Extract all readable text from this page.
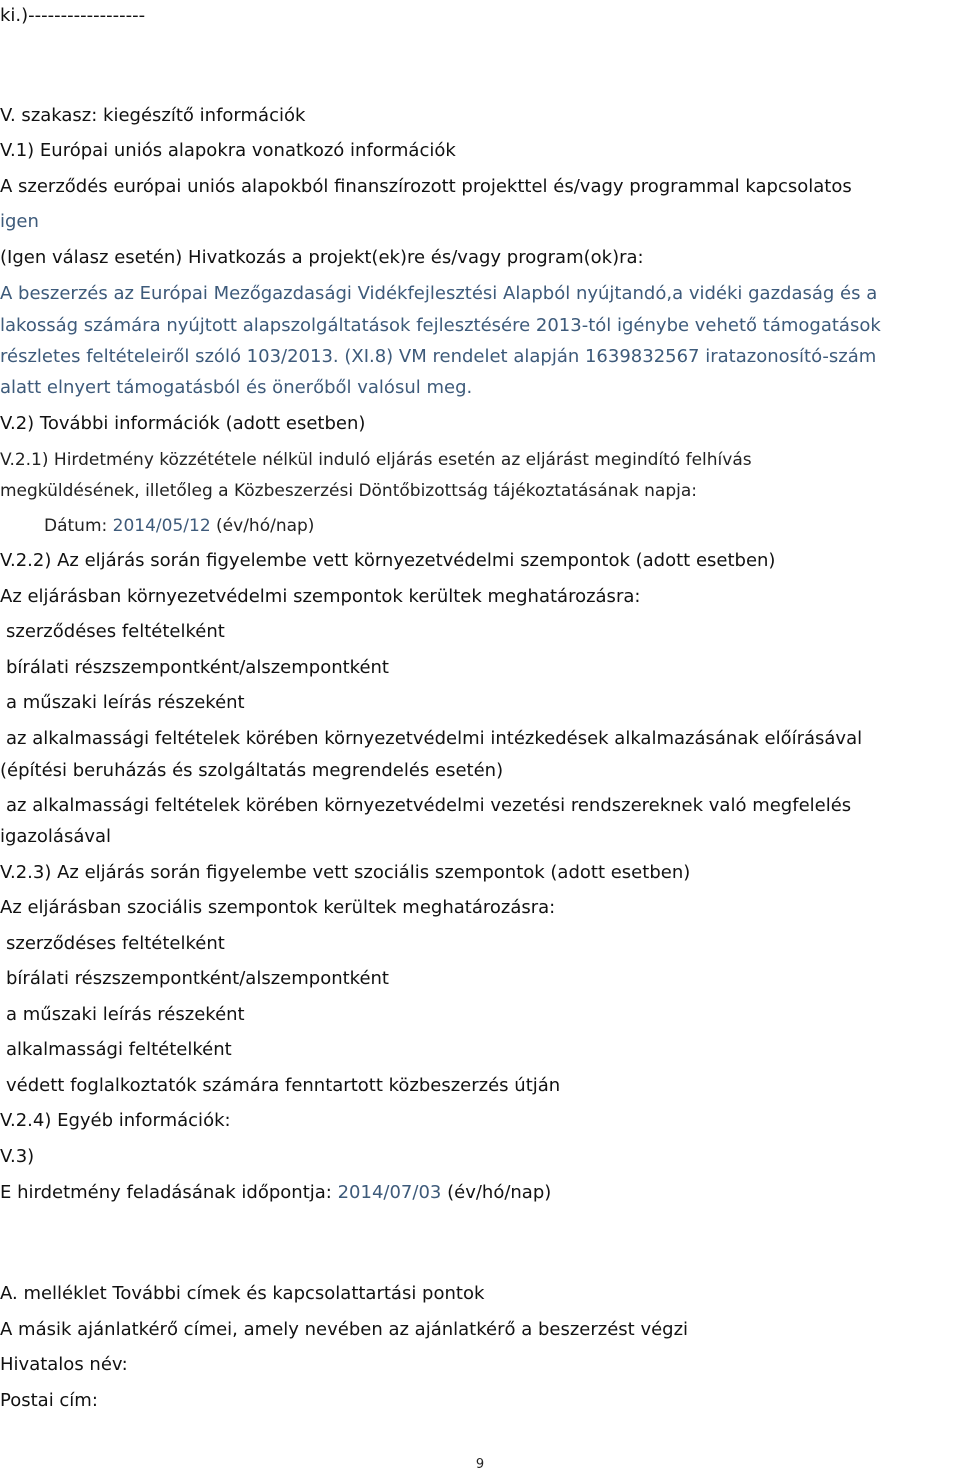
ki.)------------------
V. szakasz: kiegészítő információk
V.1) Európai uniós alapokra vonatkozó információk
A szerződés európai uniós alapokból finanszírozott projekttel és/vagy programmal kapcsolatos
igen
(Igen válasz esetén) Hivatkozás a projekt(ek)re és/vagy program(ok)ra:
A beszerzés az Európai Mezőgazdasági Vidékfejlesztési Alapból nyújtandó,a vidéki gazdaság és a
lakosság számára nyújtott alapszolgáltatások fejlesztésére 2013-tól igénybe vehető támogatások
részletes feltételeiről szóló 103/2013. (XI.8) VM rendelet alapján 1639832567 iratazonosító-szám
alatt elnyert támogatásból és önerőből valósul meg.
V.2) További információk (adott esetben)
V.2.1) Hirdetmény közzététele nélkül induló eljárás esetén az eljárást megindító felhívás
megküldésének, illetőleg a Közbeszerzési Döntőbizottság tájékoztatásának napja:
Dátum: 2014/05/12 (év/hó/nap)
V.2.2) Az eljárás során figyelembe vett környezetvédelmi szempontok (adott esetben)
Az eljárásban környezetvédelmi szempontok kerültek meghatározásra:
szerződéses feltételként
bírálati részszempontként/alszempontként
a műszaki leírás részeként
az alkalmassági feltételek körében környezetvédelmi intézkedések alkalmazásának előírásával
(építési beruházás és szolgáltatás megrendelés esetén)
az alkalmassági feltételek körében környezetvédelmi vezetési rendszereknek való megfelelés
igazolásával
V.2.3) Az eljárás során figyelembe vett szociális szempontok (adott esetben)
Az eljárásban szociális szempontok kerültek meghatározásra:
szerződéses feltételként
bírálati részszempontként/alszempontként
a műszaki leírás részeként
alkalmassági feltételként
védett foglalkoztatók számára fenntartott közbeszerzés útján
V.2.4) Egyéb információk:
V.3)
E hirdetmény feladásának időpontja: 2014/07/03 (év/hó/nap)
A. melléklet További címek és kapcsolattartási pontok
A másik ajánlatkérő címei, amely nevében az ajánlatkérő a beszerzést végzi
Hivatalos név:
Postai cím:
9
